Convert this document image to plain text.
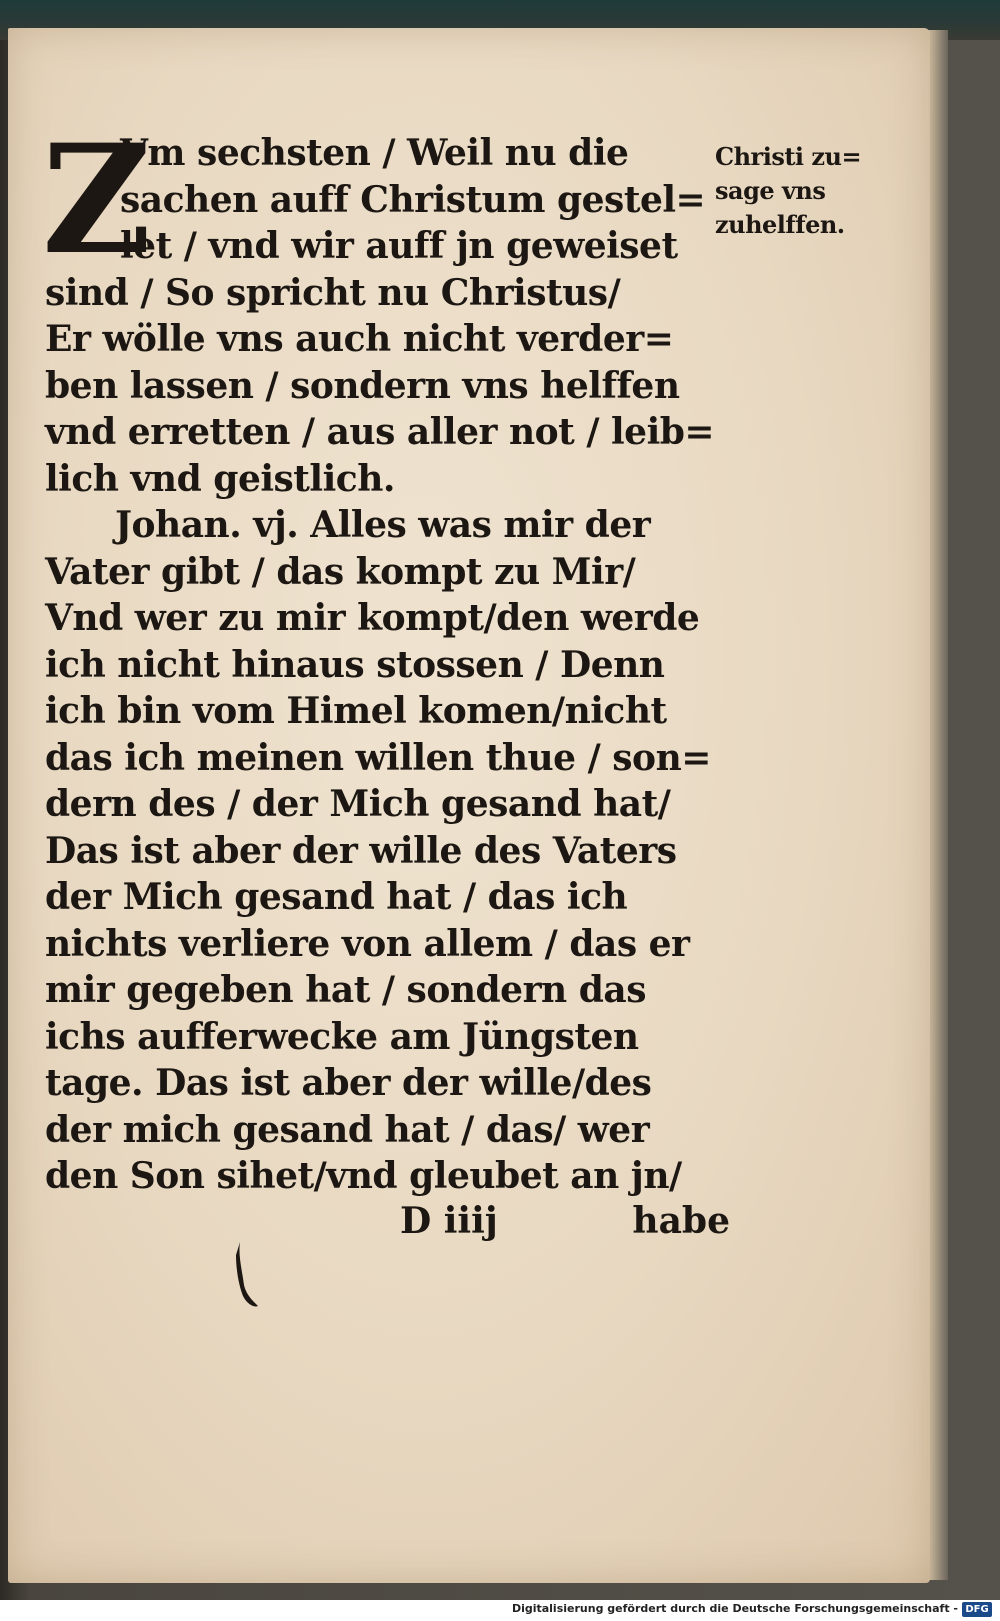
Z
Vm sechsten / Weil nu die
sachen auff Christum gestel=
let / vnd wir auff jn geweiset
sind / So spricht nu Christus/
Er wölle vns auch nicht verder=
ben lassen / sondern vns helffen
vnd erretten / aus aller not / leib=
lich vnd geistlich.
Johan. vj. Alles was mir der
Vater gibt / das kompt zu Mir/
Vnd wer zu mir kompt/den werde
ich nicht hinaus stossen / Denn
ich bin vom Himel komen/nicht
das ich meinen willen thue / son=
dern des / der Mich gesand hat/
Das ist aber der wille des Vaters
der Mich gesand hat / das ich
nichts verliere von allem / das er
mir gegeben hat / sondern das
ichs aufferwecke am Jüngsten
tage. Das ist aber der wille/des
der mich gesand hat / das/ wer
den Son sihet/vnd gleubet an jn/
Christi zu=
sage vns
zuhelffen.
D iiij	habe
Digitalisierung gefördert durch die Deutsche Forschungsgemeinschaft - DFG
